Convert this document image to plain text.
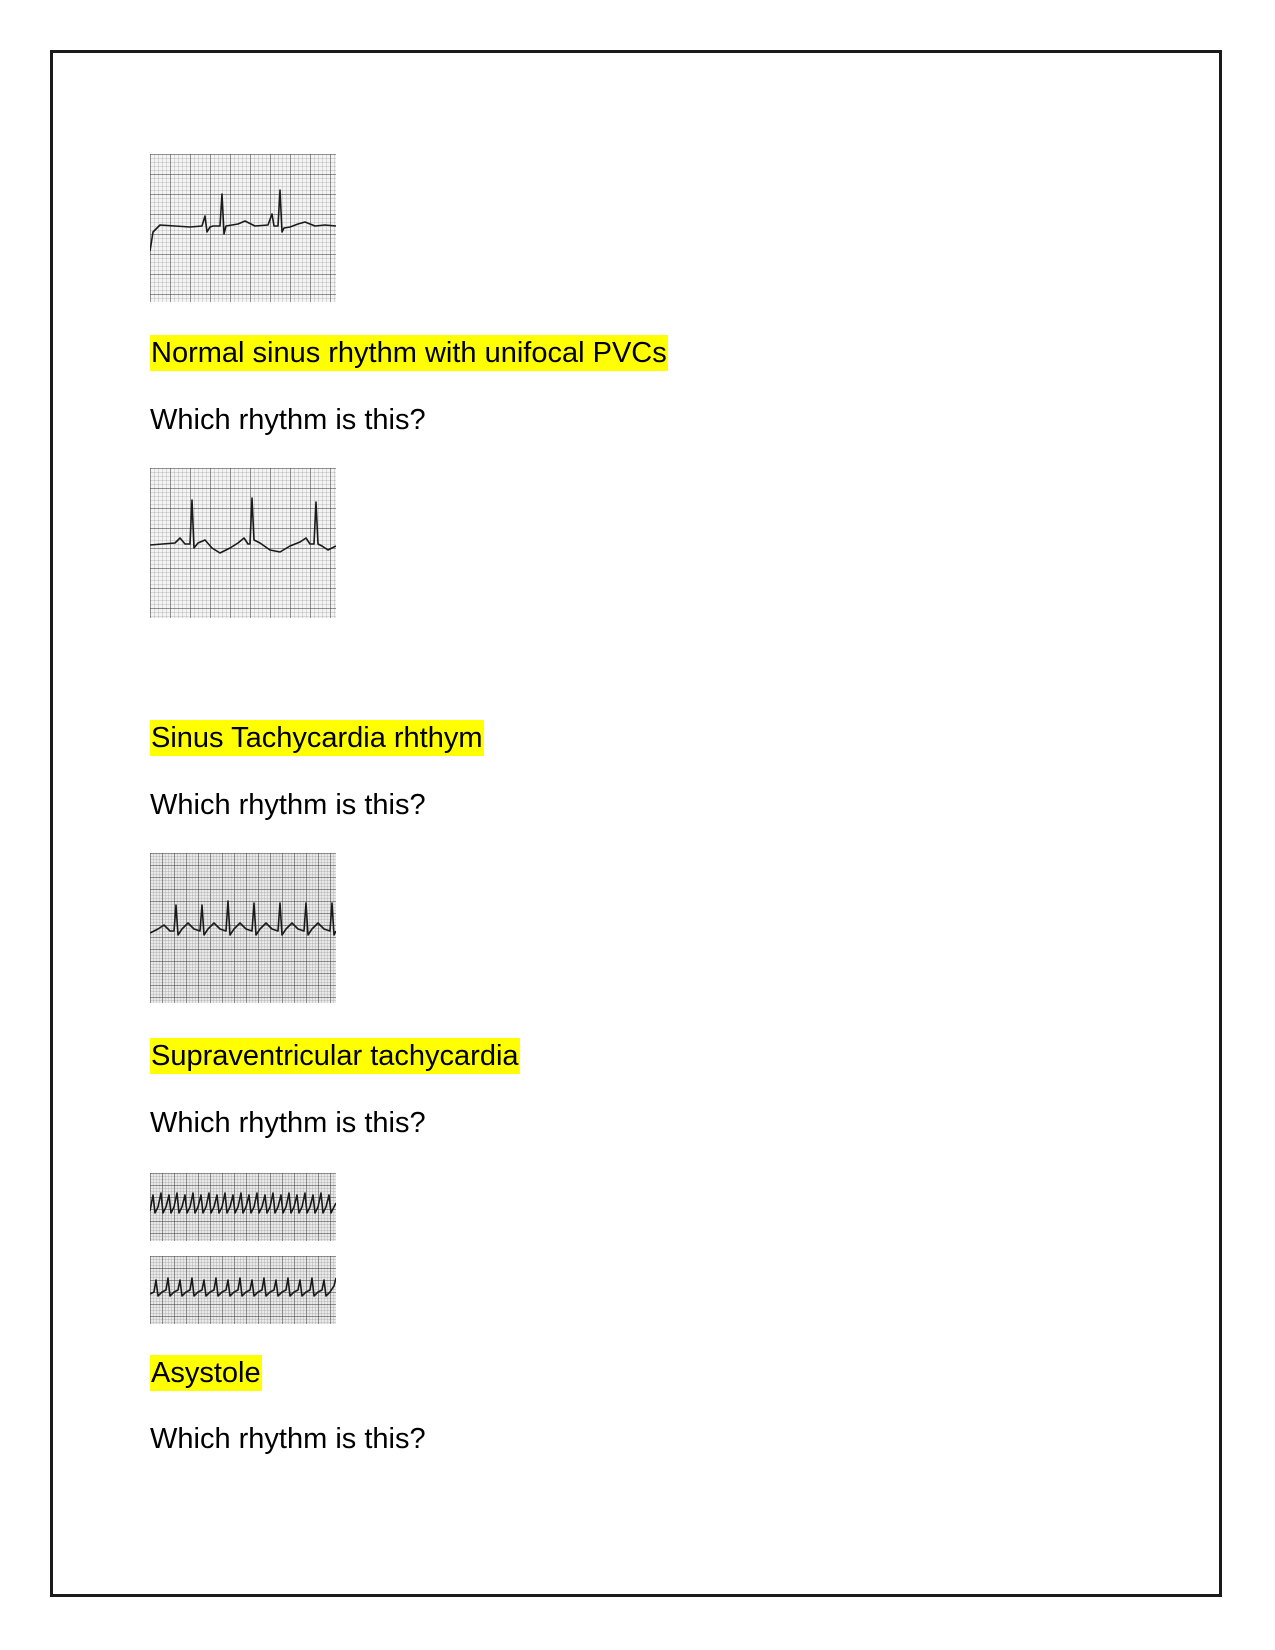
Normal sinus rhythm with unifocal PVCs
Which rhythm is this?
Sinus Tachycardia rhthym
Which rhythm is this?
Supraventricular tachycardia
Which rhythm is this?
Asystole
Which rhythm is this?
